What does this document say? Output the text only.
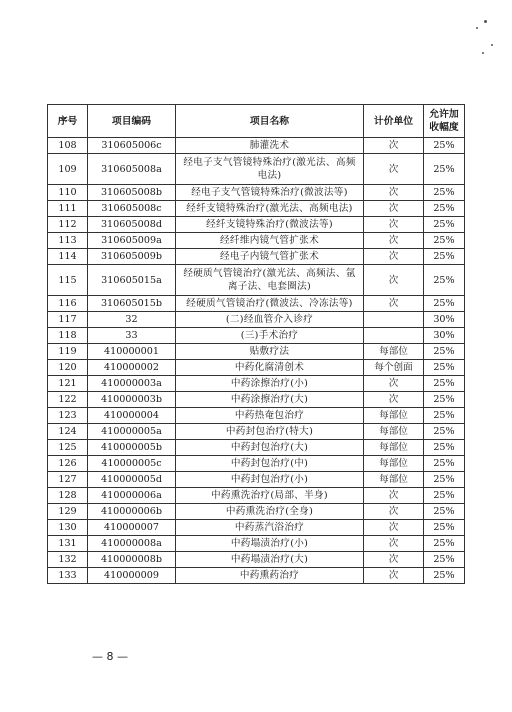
序号	项目编码	项目名称	计价单位	允许加收幅度
108	310605006c	肺灌洗术	次	25%
109	310605008a	经电子支气管镜特殊治疗(激光法、高频电法)	次	25%
110	310605008b	经电子支气管镜特殊治疗(微波法等)	次	25%
111	310605008c	经纤支镜特殊治疗(激光法、高频电法)	次	25%
112	310605008d	经纤支镜特殊治疗(微波法等)	次	25%
113	310605009a	经纤维内镜气管扩张术	次	25%
114	310605009b	经电子内镜气管扩张术	次	25%
115	310605015a	经硬质气管镜治疗(激光法、高频法、氩离子法、电套圈法)	次	25%
116	310605015b	经硬质气管镜治疗(微波法、冷冻法等)	次	25%
117	32	(二)经血管介入诊疗		30%
118	33	(三)手术治疗		30%
119	410000001	贴敷疗法	每部位	25%
120	410000002	中药化腐清创术	每个创面	25%
121	410000003a	中药涂擦治疗(小)	次	25%
122	410000003b	中药涂擦治疗(大)	次	25%
123	410000004	中药热奄包治疗	每部位	25%
124	410000005a	中药封包治疗(特大)	每部位	25%
125	410000005b	中药封包治疗(大)	每部位	25%
126	410000005c	中药封包治疗(中)	每部位	25%
127	410000005d	中药封包治疗(小)	每部位	25%
128	410000006a	中药熏洗治疗(局部、半身)	次	25%
129	410000006b	中药熏洗治疗(全身)	次	25%
130	410000007	中药蒸汽浴治疗	次	25%
131	410000008a	中药塌渍治疗(小)	次	25%
132	410000008b	中药塌渍治疗(大)	次	25%
133	410000009	中药熏药治疗	次	25%
— 8 —
